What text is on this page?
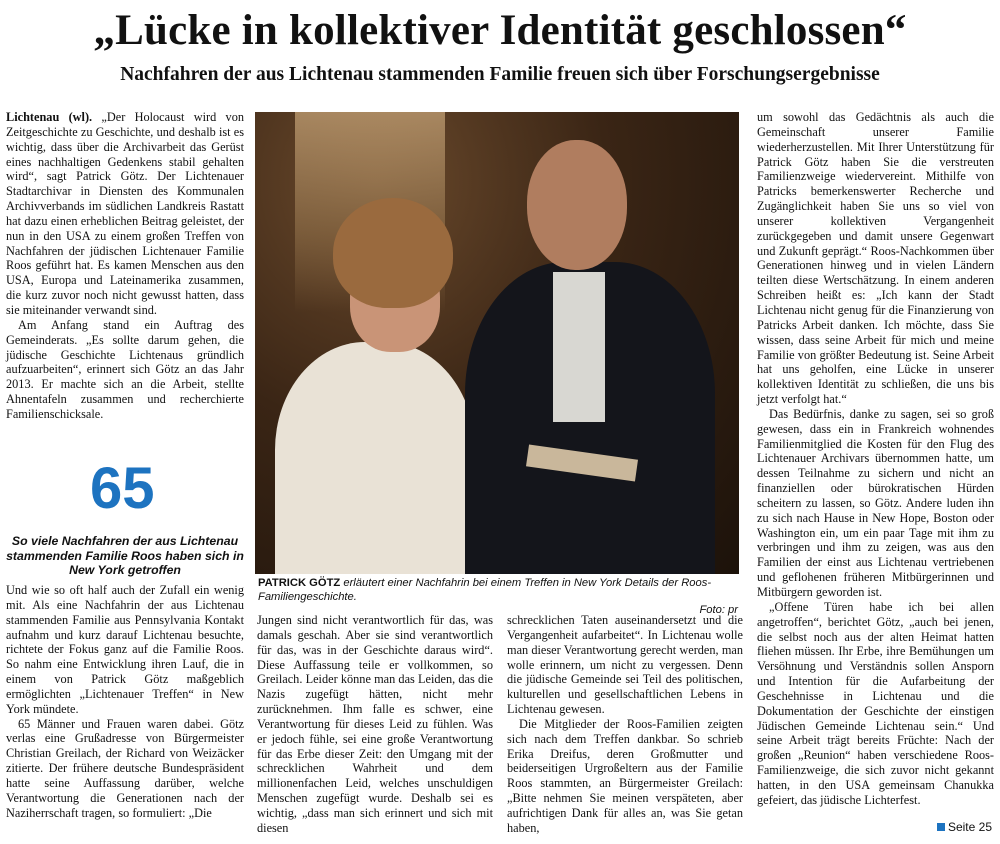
„Lücke in kollektiver Identität geschlossen“
Nachfahren der aus Lichtenau stammenden Familie freuen sich über Forschungsergebnisse

Lichtenau (wl). „Der Holocaust wird von Zeitgeschichte zu Geschichte, und deshalb ist es wichtig, dass über die Archivarbeit das Gerüst eines nachhaltigen Gedenkens stabil gehalten wird“, sagt Patrick Götz. Der Lichtenauer Stadtarchivar in Diensten des Kommunalen Archivverbands im südlichen Landkreis Rastatt hat dazu einen erheblichen Beitrag geleistet, der nun in den USA zu einem großen Treffen von Nachfahren der jüdischen Lichtenauer Familie Roos geführt hat. Es kamen Menschen aus den USA, Europa und Lateinamerika zusammen, die kurz zuvor noch nicht gewusst hatten, dass sie miteinander verwandt sind.

Am Anfang stand ein Auftrag des Gemeinderats. „Es sollte darum gehen, die jüdische Geschichte Lichtenaus gründlich aufzuarbeiten“, erinnert sich Götz an das Jahr 2013. Er machte sich an die Arbeit, stellte Ahnentafeln zusammen und recherchierte Familienschicksale.

65
So viele Nachfahren der aus Lichtenau stammenden Familie Roos haben sich in New York getroffen

Und wie so oft half auch der Zufall ein wenig mit. Als eine Nachfahrin der aus Lichtenau stammenden Familie aus Pennsylvania Kontakt aufnahm und kurz darauf Lichtenau besuchte, richtete der Fokus ganz auf die Familie Roos. So nahm eine Entwicklung ihren Lauf, die in einem von Patrick Götz maßgeblich ermöglichten „Lichtenauer Treffen“ in New York mündete.

65 Männer und Frauen waren dabei. Götz verlas eine Grußadresse von Bürgermeister Christian Greilach, der Richard von Weizäcker zitierte. Der frühere deutsche Bundespräsident hatte seine Auffassung darüber, welche Verantwortung die Generationen nach der Naziherrschaft tragen, so formuliert: „Die

PATRICK GÖTZ erläutert einer Nachfahrin bei einem Treffen in New York Details der Roos-Familiengeschichte.
Foto: pr

Jungen sind nicht verantwortlich für das, was damals geschah. Aber sie sind verantwortlich für das, was in der Geschichte daraus wird“. Diese Auffassung teile er vollkommen, so Greilach. Leider könne man das Leiden, das die Nazis zugefügt hätten, nicht mehr zurücknehmen. Ihm falle es schwer, eine Verantwortung für dieses Leid zu fühlen. Was er jedoch fühle, sei eine große Verantwortung für das Erbe dieser Zeit: den Umgang mit der schrecklichen Wahrheit und dem millionenfachen Leid, welches unschuldigen Menschen zugefügt wurde. Deshalb sei es wichtig, „dass man sich erinnert und sich mit diesen

schrecklichen Taten auseinandersetzt und die Vergangenheit aufarbeitet“. In Lichtenau wolle man dieser Verantwortung gerecht werden, man wolle erinnern, um nicht zu vergessen. Denn die jüdische Gemeinde sei Teil des politischen, kulturellen und gesellschaftlichen Lebens in Lichtenau gewesen.

Die Mitglieder der Roos-Familien zeigten sich nach dem Treffen dankbar. So schrieb Erika Dreifus, deren Großmutter und beiderseitigen Urgroßeltern aus der Familie Roos stammten, an Bürgermeister Greilach: „Bitte nehmen Sie meinen verspäteten, aber aufrichtigen Dank für alles an, was Sie getan haben,

um sowohl das Gedächtnis als auch die Gemeinschaft unserer Familie wiederherzustellen. Mit Ihrer Unterstützung für Patrick Götz haben Sie die verstreuten Familienzweige wiedervereint. Mithilfe von Patricks bemerkenswerter Recherche und Zugänglichkeit haben Sie uns so viel von unserer kollektiven Vergangenheit zurückgegeben und damit unsere Gegenwart und Zukunft geprägt.“ Roos-Nachkommen über Generationen hinweg und in vielen Ländern teilten diese Wertschätzung. In einem anderen Schreiben heißt es: „Ich kann der Stadt Lichtenau nicht genug für die Finanzierung von Patricks Arbeit danken. Ich möchte, dass Sie wissen, dass seine Arbeit für mich und meine Familie von größter Bedeutung ist. Seine Arbeit hat uns geholfen, eine Lücke in unserer kollektiven Identität zu schließen, die uns bis jetzt verfolgt hat.“

Das Bedürfnis, danke zu sagen, sei so groß gewesen, dass ein in Frankreich wohnendes Familienmitglied die Kosten für den Flug des Lichtenauer Archivars übernommen hatte, um dessen Teilnahme zu sichern und nicht an finanziellen oder bürokratischen Hürden scheitern zu lassen, so Götz. Andere luden ihn zu sich nach Hause in New Hope, Boston oder Washington ein, um ein paar Tage mit ihm zu verbringen und ihm zu zeigen, was aus den Familien der einst aus Lichtenau vertriebenen und geflohenen früheren Mitbürgerinnen und Mitbürgern geworden ist.

„Offene Türen habe ich bei allen angetroffen“, berichtet Götz, „auch bei jenen, die selbst noch aus der alten Heimat hatten fliehen müssen. Ihr Erbe, ihre Bemühungen um Versöhnung und Verständnis sollen Ansporn und Intention für die Aufarbeitung der Geschehnisse in Lichtenau und die Dokumentation der Geschichte der einstigen Jüdischen Gemeinde Lichtenau sein.“ Und seine Arbeit trägt bereits Früchte: Nach der großen „Reunion“ haben verschiedene Roos-Familienzweige, die sich zuvor nicht gekannt hatten, in den USA gemeinsam Chanukka gefeiert, das jüdische Lichterfest.

Seite 25
